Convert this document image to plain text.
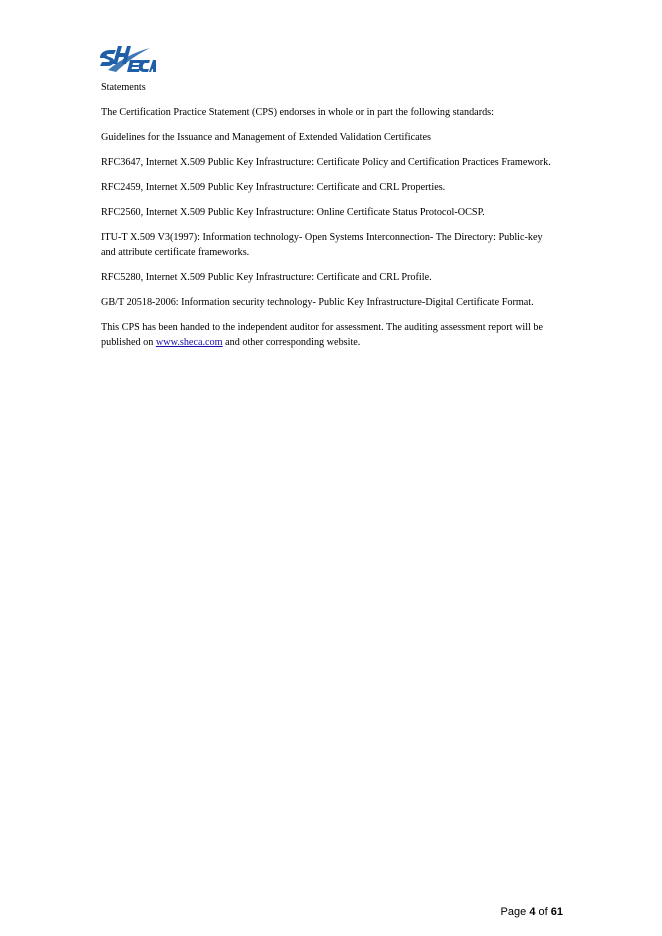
Statements

The Certification Practice Statement (CPS) endorses in whole or in part the following standards:

Guidelines for the Issuance and Management of Extended Validation Certificates

RFC3647, Internet X.509 Public Key Infrastructure: Certificate Policy and Certification Practices Framework.

RFC2459, Internet X.509 Public Key Infrastructure: Certificate and CRL Properties.

RFC2560, Internet X.509 Public Key Infrastructure: Online Certificate Status Protocol-OCSP.

ITU-T X.509 V3(1997): Information technology- Open Systems Interconnection- The Directory: Public-key and attribute certificate frameworks.

RFC5280, Internet X.509 Public Key Infrastructure: Certificate and CRL Profile.

GB/T 20518-2006: Information security technology- Public Key Infrastructure-Digital Certificate Format.

This CPS has been handed to the independent auditor for assessment. The auditing assessment report will be published on www.sheca.com and other corresponding website.

Page 4 of 61
